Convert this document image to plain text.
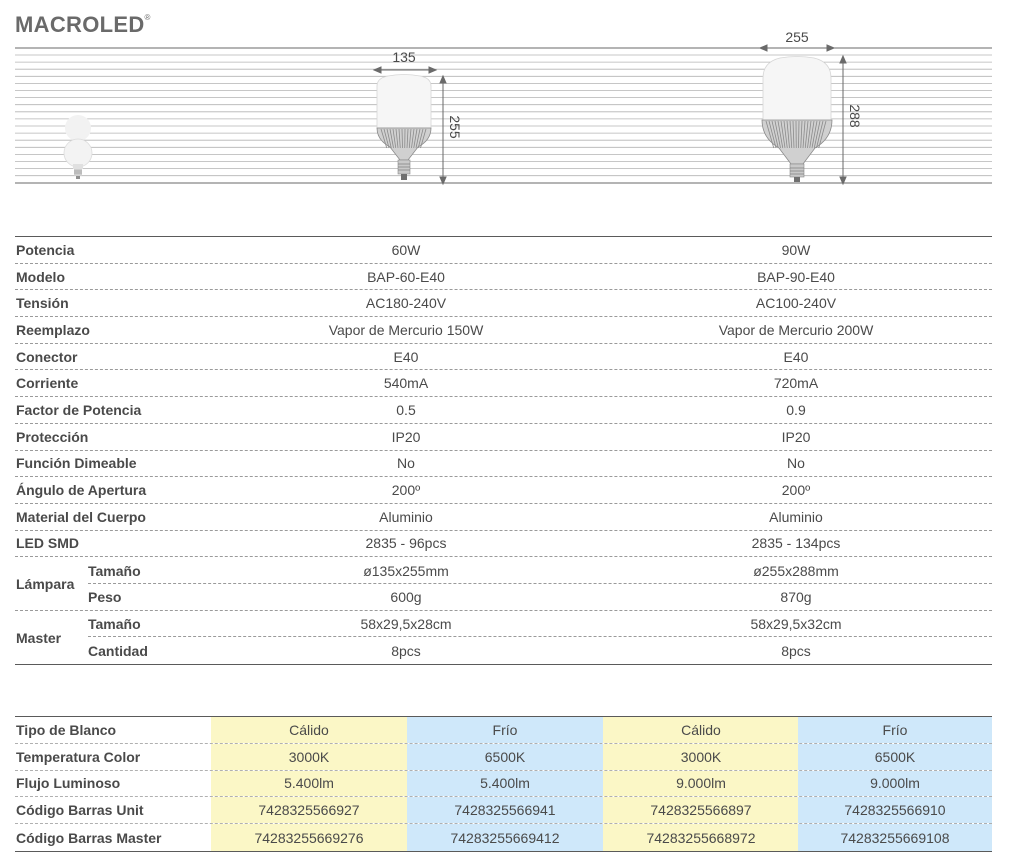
MACROLED®
135
255
255
288
Potencia	60W	90W
Modelo	BAP-60-E40	BAP-90-E40
Tensión	AC180-240V	AC100-240V
Reemplazo	Vapor de Mercurio 150W	Vapor de Mercurio 200W
Conector	E40	E40
Corriente	540mA	720mA
Factor de Potencia	0.5	0.9
Protección	IP20	IP20
Función Dimeable	No	No
Ángulo de Apertura	200º	200º
Material del Cuerpo	Aluminio	Aluminio
LED SMD	2835 - 96pcs	2835 - 134pcs
Lámpara
Tamaño	ø135x255mm	ø255x288mm
Peso	600g	870g
Master
Tamaño	58x29,5x28cm	58x29,5x32cm
Cantidad	8pcs	8pcs
Tipo de Blanco	Cálido	Frío	Cálido	Frío
Temperatura Color	3000K	6500K	3000K	6500K
Flujo Luminoso	5.400lm	5.400lm	9.000lm	9.000lm
Código Barras Unit	7428325566927	7428325566941	7428325566897	7428325566910
Código Barras Master	74283255669276	74283255669412	74283255668972	74283255669108
